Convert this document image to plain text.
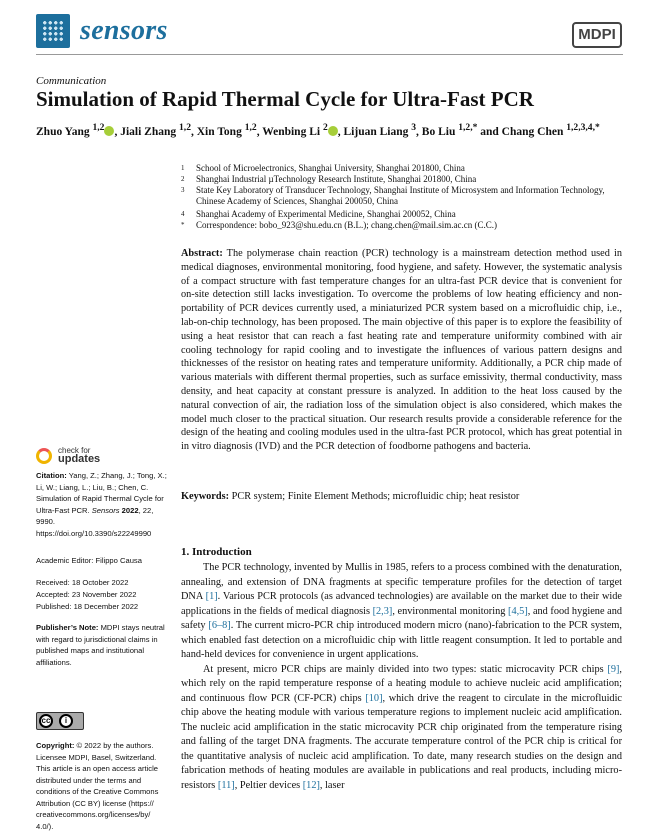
sensors	MDPI
Communication
Simulation of Rapid Thermal Cycle for Ultra-Fast PCR
Zhuo Yang $^{1,2}$ , Jiali Zhang $^{1,2}$, Xin Tong $^{1,2}$, Wenbing Li $^2$ , Lijuan Liang $^3$, Bo Liu $^{1,2,*}$ and Chang Chen $^{1,2,3,4,*}$
1 School of Microelectronics, Shanghai University, Shanghai 201800, China
2 Shanghai Industrial µTechnology Research Institute, Shanghai 201800, China
3 State Key Laboratory of Transducer Technology, Shanghai Institute of Microsystem and Information Technology, Chinese Academy of Sciences, Shanghai 200050, China
4 Shanghai Academy of Experimental Medicine, Shanghai 200052, China
* Correspondence: bobo_923@shu.edu.cn (B.L.); chang.chen@mail.sim.ac.cn (C.C.)
Abstract: The polymerase chain reaction (PCR) technology is a mainstream detection method used in medical diagnoses, environmental monitoring, food hygiene, and safety. However, the systematic analysis of a compact structure with fast temperature changes for an ultra-fast PCR device that is convenient for on-site detection still lacks investigation. To overcome the problems of low heating efficiency and non-portability of PCR devices currently used, a miniaturized PCR system based on a microfluidic chip, i.e., lab-on-chip technology, has been proposed. The main objective of this paper is to explore the feasibility of using a heat resistor that can reach a fast heating rate and temperature uniformity combined with air cooling technology for rapid cooling and to investigate the influences of various pattern designs and thicknesses of the resistor on heating rates and temperature uniformity. Additionally, a PCR chip made of various materials with different thermal properties, such as surface emissivity, thermal conductivity, mass density, and heat capacity at constant pressure is analyzed. In addition to the heat loss caused by the natural convection of air, the radiation loss of the simulation object is also considered, which makes the model much closer to the practical situation. Our research results provide a considerable reference for the design of the heating and cooling modules used in the ultra-fast PCR protocol, which has great potential in in vitro diagnosis (IVD) and the PCR detection of foodborne pathogens and bacteria.
Keywords: PCR system; Finite Element Methods; microfluidic chip; heat resistor
1. Introduction

The PCR technology, invented by Mullis in 1985, refers to a process combined with the denaturation, annealing, and extension of DNA fragments at specific temperature profiles for the detection of target DNA [1]. Various PCR protocols (as advanced technologies) are available on the market due to their wide applications in the fields of medical diagnosis [2,3], environmental monitoring [4,5], and food hygiene and safety [6–8]. The current micro-PCR chip introduced modern micro (nano)-fabrication to the PCR system, which enabled fast detection on a microfluidic chip with little reagent consumption. It led to portable and hand-held devices for convenience in urgent applications.

At present, micro PCR chips are mainly divided into two types: static microcavity PCR chips [9], which rely on the rapid temperature response of a heating module to achieve nucleic acid amplification; and continuous flow PCR (CF-PCR) chips [10], which drive the reagent to circulate in the microfluidic chip above the heating module with various temperature regions to implement nucleic acid amplification. The nucleic acid amplification in the static microcavity PCR chip originated from the temperature rising and falling of the target DNA fragments. The accurate temperature control of the PCR chip is critical for the quantitative analysis of nucleic acid amplification. To date, many research studies on the design and fabrication methods of heating modules are available in publications and real products, including micro-resistors [11], Peltier devices [12], laser

check for
updates
Citation: Yang, Z.; Zhang, J.; Tong, X.; Li, W.; Liang, L.; Liu, B.; Chen, C. Simulation of Rapid Thermal Cycle for Ultra-Fast PCR. Sensors 2022, 22, 9990. https://doi.org/10.3390/s22249990
Academic Editor: Filippo Causa
Received: 18 October 2022
Accepted: 23 November 2022
Published: 18 December 2022
Publisher’s Note: MDPI stays neutral with regard to jurisdictional claims in published maps and institutional affiliations.
cc	i
Copyright: © 2022 by the authors. Licensee MDPI, Basel, Switzerland. This article is an open access article distributed under the terms and conditions of the Creative Commons Attribution (CC BY) license (https:// creativecommons.org/licenses/by/ 4.0/).
